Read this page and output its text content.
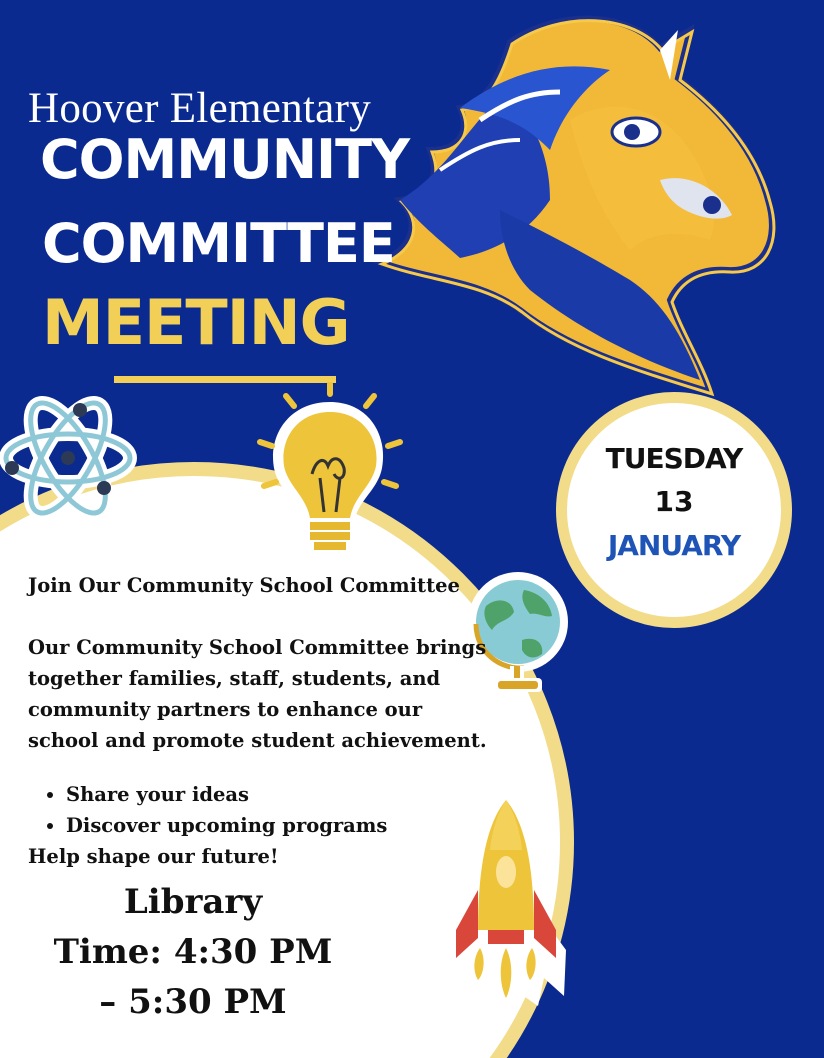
Hoover Elementary
COMMUNITY
COMMITTEE
MEETING
TUESDAY
13
JANUARY

Join Our Community School Committee

Our Community School Committee brings together families, staff, students, and community partners to enhance our school and promote student achievement.

• Share your ideas
• Discover upcoming programs

Help shape our future!

Library
Time: 4:30 PM – 5:30 PM
